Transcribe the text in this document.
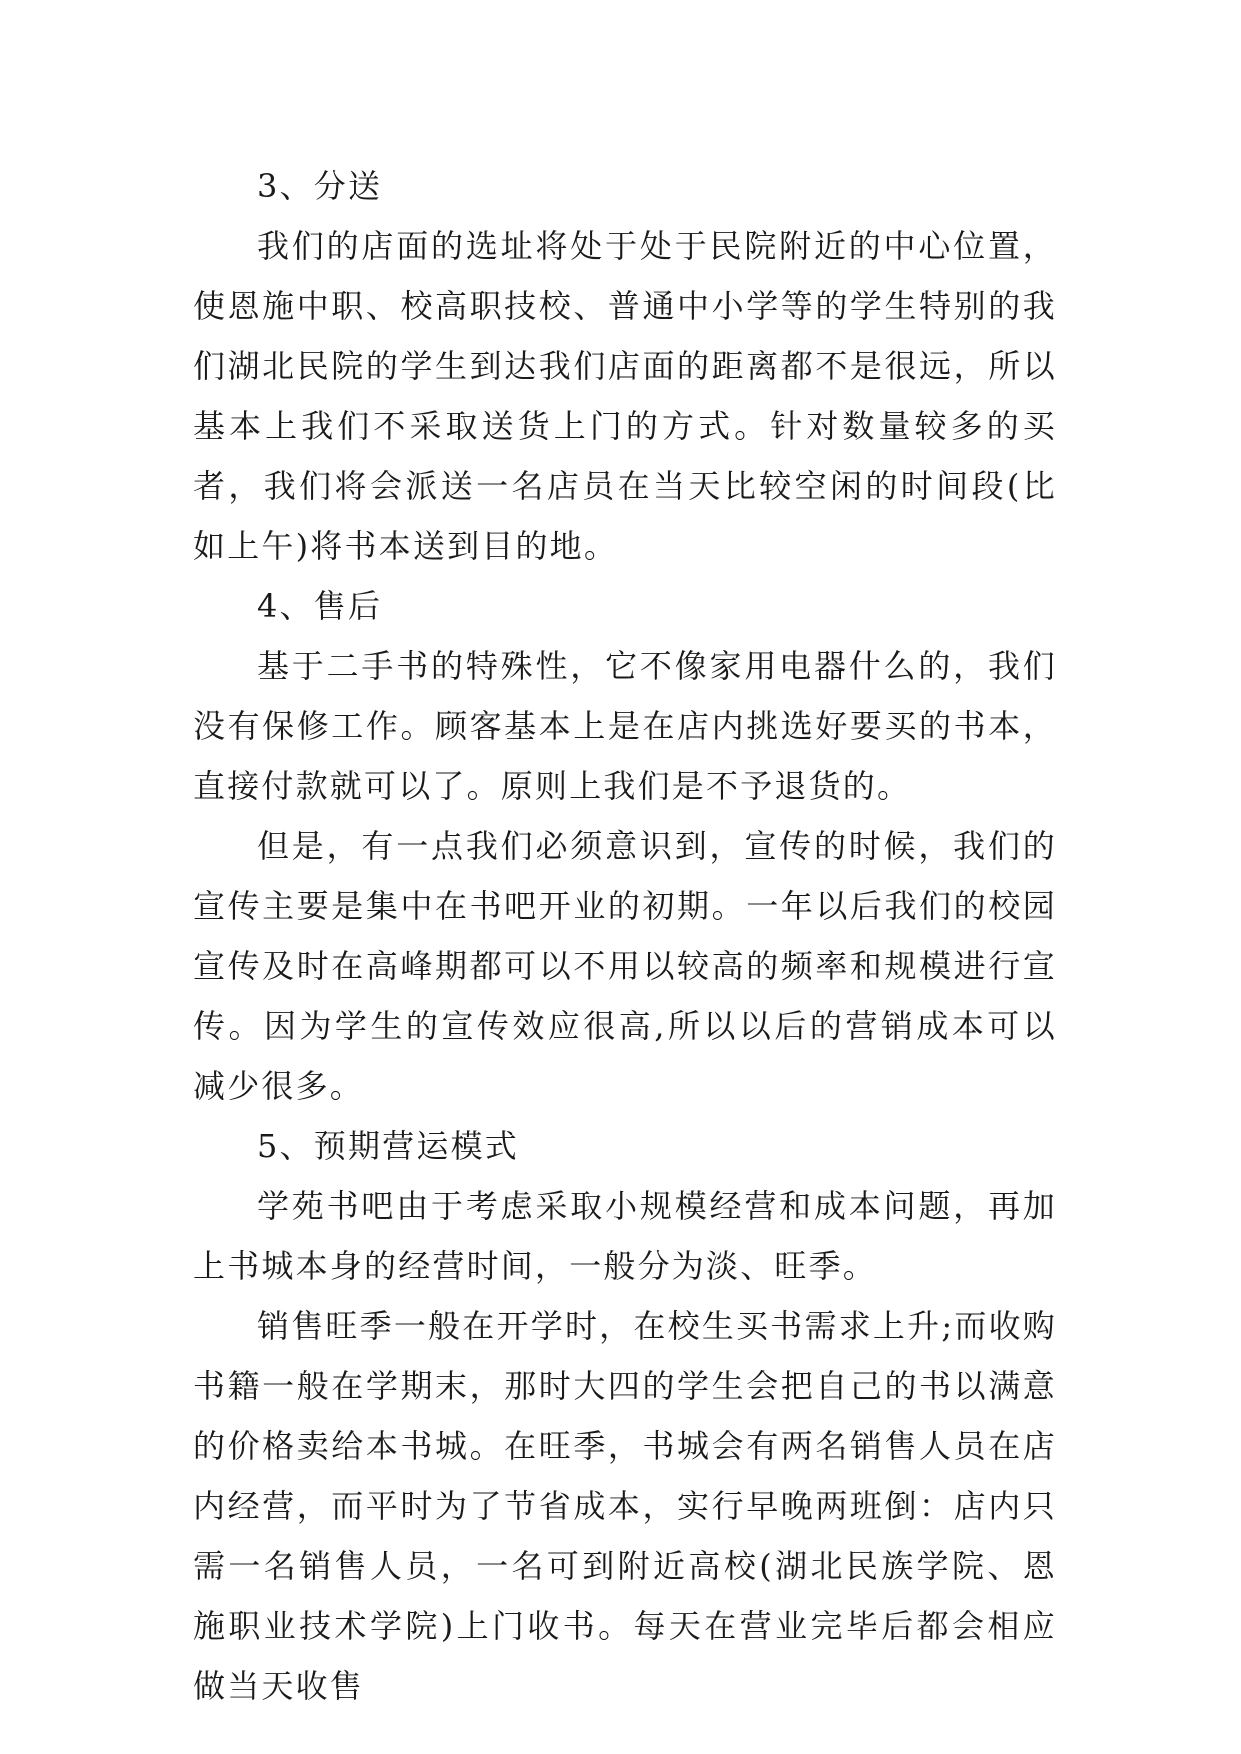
3、分送

我们的店面的选址将处于处于民院附近的中心位置，使恩施中职、校高职技校、普通中小学等的学生特别的我们湖北民院的学生到达我们店面的距离都不是很远，所以基本上我们不采取送货上门的方式。针对数量较多的买者，我们将会派送一名店员在当天比较空闲的时间段(比如上午)将书本送到目的地。

4、售后

基于二手书的特殊性，它不像家用电器什么的，我们没有保修工作。顾客基本上是在店内挑选好要买的书本，直接付款就可以了。原则上我们是不予退货的。

但是，有一点我们必须意识到，宣传的时候，我们的宣传主要是集中在书吧开业的初期。一年以后我们的校园宣传及时在高峰期都可以不用以较高的频率和规模进行宣传。因为学生的宣传效应很高,所以以后的营销成本可以减少很多。

5、预期营运模式

学苑书吧由于考虑采取小规模经营和成本问题，再加上书城本身的经营时间，一般分为淡、旺季。

销售旺季一般在开学时，在校生买书需求上升;而收购书籍一般在学期末，那时大四的学生会把自己的书以满意的价格卖给本书城。在旺季，书城会有两名销售人员在店内经营，而平时为了节省成本，实行早晚两班倒：店内只需一名销售人员，一名可到附近高校(湖北民族学院、恩施职业技术学院)上门收书。每天在营业完毕后都会相应做当天收售
